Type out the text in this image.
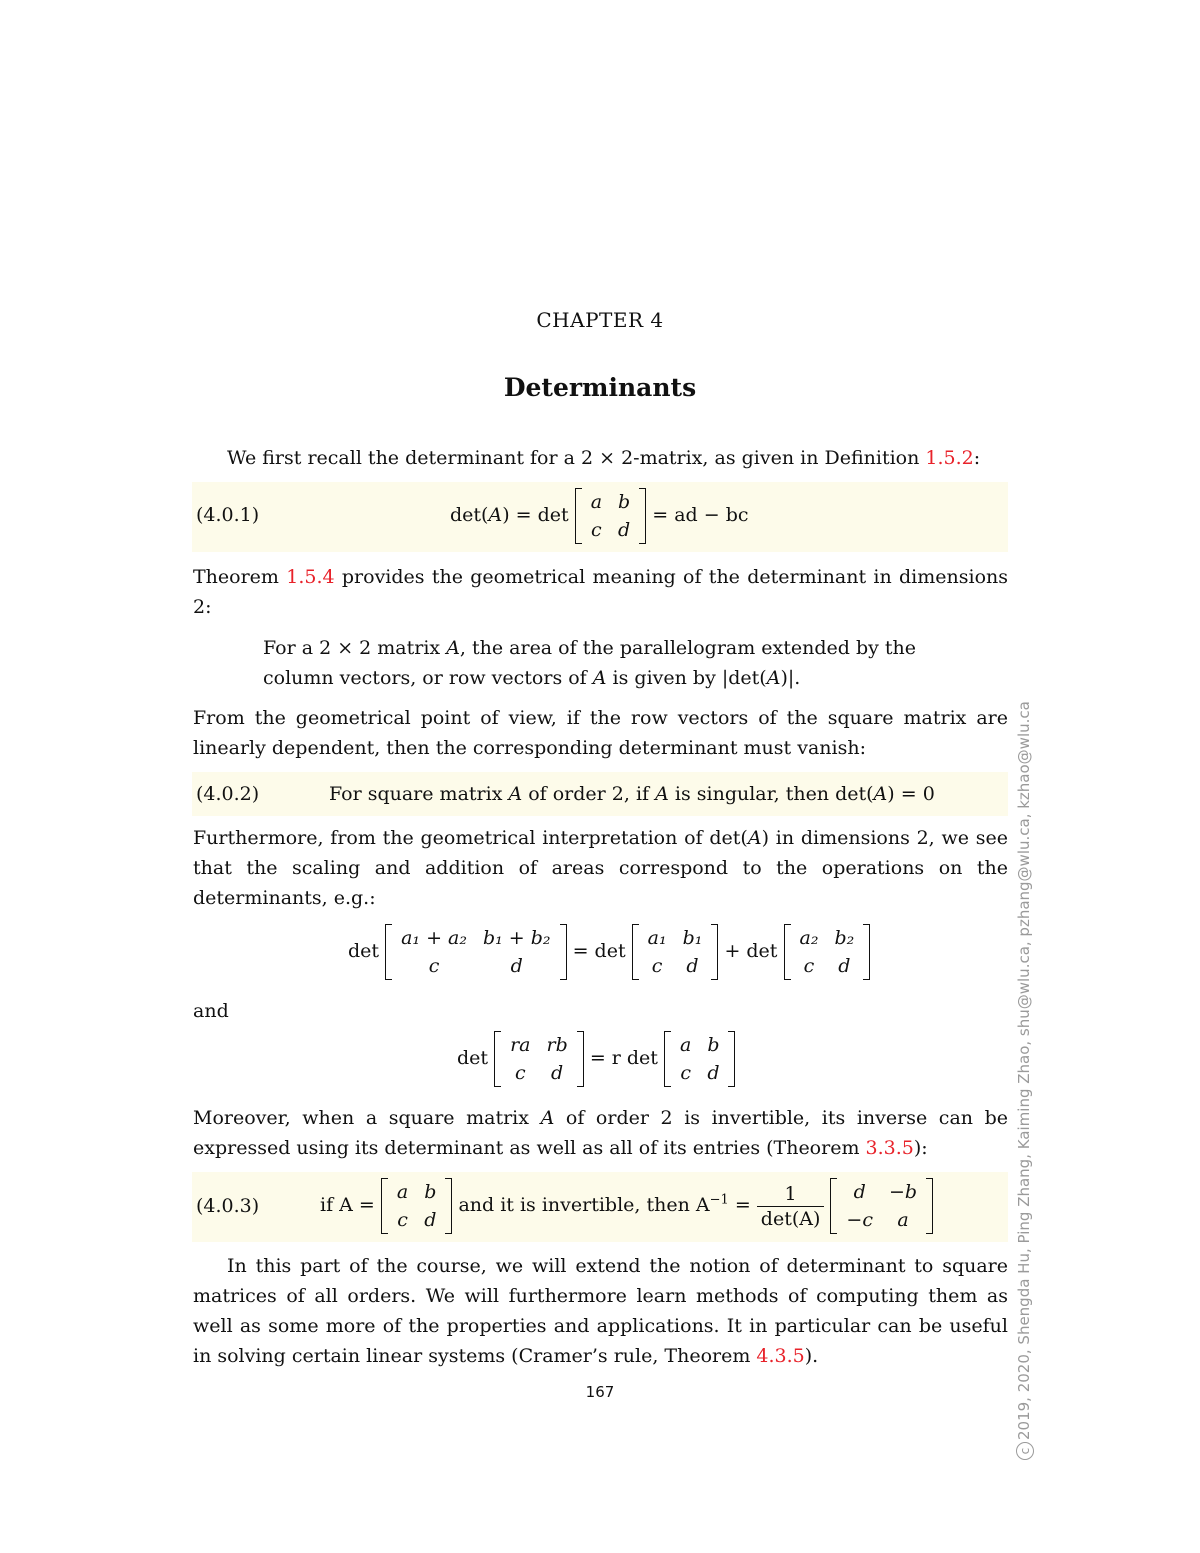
CHAPTER 4
Determinants
We first recall the determinant for a 2 × 2-matrix, as given in Definition 1.5.2:
(4.0.1)	det(A) = det
a	b
c	d
= ad − bc
Theorem 1.5.4 provides the geometrical meaning of the determinant in dimensions 2:
For a 2 × 2 matrix A, the area of the parallelogram extended by the column vectors, or row vectors of A is given by |det(A)|.
From the geometrical point of view, if the row vectors of the square matrix are linearly dependent, then the corresponding determinant must vanish:
(4.0.2)	For square matrix A of order 2, if A is singular, then det(A) = 0
Furthermore, from the geometrical interpretation of det(A) in dimensions 2, we see that the scaling and addition of areas correspond to the operations on the determinants, e.g.:
det
a₁ + a₂	b₁ + b₂
c	d
= det
a₁	b₁
c	d
+ det
a₂	b₂
c	d
and
det
ra	rb
c	d
= r det
a	b
c	d
Moreover, when a square matrix A of order 2 is invertible, its inverse can be expressed using its determinant as well as all of its entries (Theorem 3.3.5):
(4.0.3)	if A =
a	b
c	d
and it is invertible, then $A^{-1} = \frac{1}{\det(A)}$
d	−b
−c	a
In this part of the course, we will extend the notion of determinant to square matrices of all orders. We will furthermore learn methods of computing them as well as some more of the properties and applications. It in particular can be useful in solving certain linear systems (Cramer’s rule, Theorem 4.3.5).
167
c2019, 2020, Shengda Hu, Ping Zhang, Kaiming Zhao, shu@wlu.ca, pzhang@wlu.ca, kzhao@wlu.ca
